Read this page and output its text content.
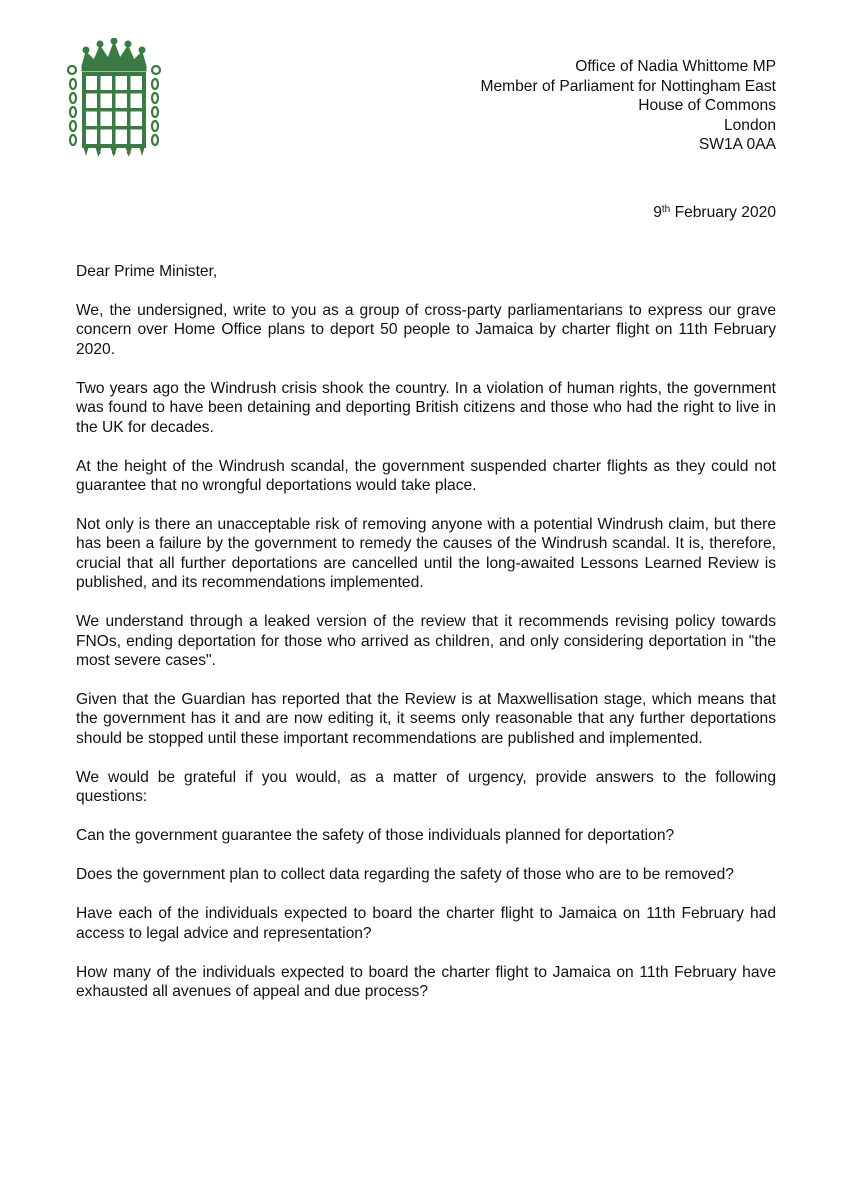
Office of Nadia Whittome MP
Member of Parliament for Nottingham East
House of Commons
London
SW1A 0AA
9th February 2020

Dear Prime Minister,

We, the undersigned, write to you as a group of cross-party parliamentarians to express our grave concern over Home Office plans to deport 50 people to Jamaica by charter flight on 11th February 2020.

Two years ago the Windrush crisis shook the country. In a violation of human rights, the government was found to have been detaining and deporting British citizens and those who had the right to live in the UK for decades.

At the height of the Windrush scandal, the government suspended charter flights as they could not guarantee that no wrongful deportations would take place.

Not only is there an unacceptable risk of removing anyone with a potential Windrush claim, but there has been a failure by the government to remedy the causes of the Windrush scandal. It is, therefore, crucial that all further deportations are cancelled until the long-awaited Lessons Learned Review is published, and its recommendations implemented.

We understand through a leaked version of the review that it recommends revising policy towards FNOs, ending deportation for those who arrived as children, and only considering deportation in "the most severe cases".

Given that the Guardian has reported that the Review is at Maxwellisation stage, which means that the government has it and are now editing it, it seems only reasonable that any further deportations should be stopped until these important recommendations are published and implemented.

We would be grateful if you would, as a matter of urgency, provide answers to the following questions:

Can the government guarantee the safety of those individuals planned for deportation?

Does the government plan to collect data regarding the safety of those who are to be removed?

Have each of the individuals expected to board the charter flight to Jamaica on 11th February had access to legal advice and representation?

How many of the individuals expected to board the charter flight to Jamaica on 11th February have exhausted all avenues of appeal and due process?
